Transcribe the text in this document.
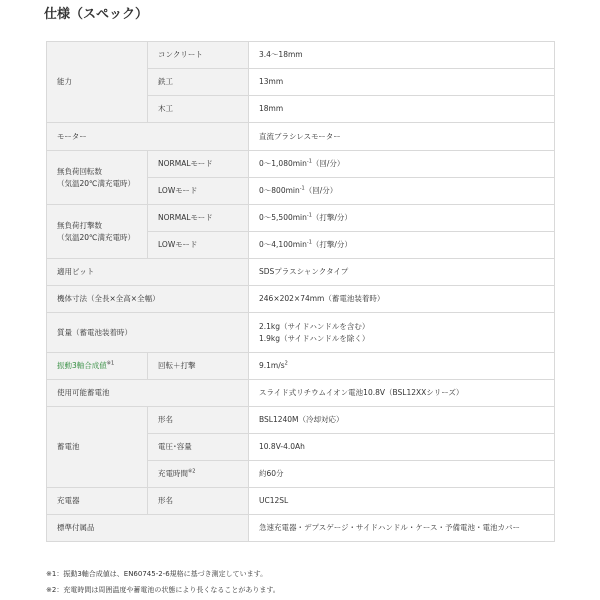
仕様（スペック）
能力	コンクリート	3.4～18mm
	鉄工	13mm
	木工	18mm
モーター		直流ブラシレスモーター

無負荷回転数
（気温20℃満充電時）	NORMALモード	$0\sim 1,080\min^{-1}$（回/分）
	LOWモード	$0\sim 800\min^{-1}$（回/分）

無負荷打撃数
（気温20℃満充電時）	NORMALモード	$0\sim 5,500\min^{-1}$（打撃/分）
	LOWモード	$0\sim 4,100\min^{-1}$（打撃/分）
適用ビット		SDSプラスシャンクタイプ
機体寸法（全長×全高×全幅）		246×202×74mm（蓄電池装着時）
質量（蓄電池装着時）		2.1kg（サイドハンドルを含む）
1.9kg（サイドハンドルを除く）

振動3軸合成値$^{※1}$	回転＋打撃	$9.1m/s^2$
使用可能蓄電池		スライド式リチウムイオン電池10.8V（BSL12XXシリーズ）
蓄電池	形名	BSL1240M（冷却対応）
	電圧･容量	10.8V-4.0Ah
	充電時間$^{※2}$	約60分
充電器	形名	UC12SL
標準付属品		急速充電器・デプスゲージ・サイドハンドル・ケース・予備電池・電池カバー
※1：振動3軸合成値は、EN60745-2-6規格に基づき測定しています。
※2：充電時間は周囲温度や蓄電池の状態により長くなることがあります。
